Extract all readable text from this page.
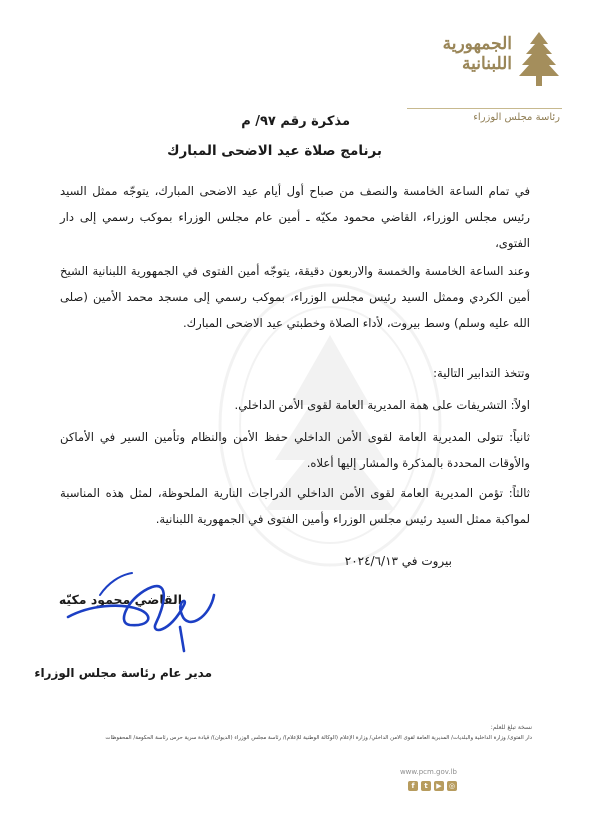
الجمهورية
اللبنانية
رئاسة مجلس الوزراء
مذكرة رقم ٩٧/ م
برنامج صلاة عيد الاضحى المبارك

في تمام الساعة الخامسة والنصف من صباح أول أيام عيد الاضحى المبارك، يتوجّه ممثل السيد رئيس مجلس الوزراء، القاضي محمود مكيّه ـ أمين عام مجلس الوزراء بموكب رسمي إلى دار الفتوى،

وعند الساعة الخامسة والخمسة والاربعون دقيقة، يتوجّه أمين الفتوى في الجمهورية اللبنانية الشيخ أمين الكردي وممثل السيد رئيس مجلس الوزراء، بموكب رسمي إلى مسجد محمد الأمين (صلى الله عليه وسلم) وسط بيروت، لأداء الصلاة وخطبتي عيد الاضحى المبارك.

وتتخذ التدابير التالية:

اولاً: التشريفات على همة المديرية العامة لقوى الأمن الداخلي.

ثانياً: تتولى المديرية العامة لقوى الأمن الداخلي حفظ الأمن والنظام وتأمين السير في الأماكن والأوقات المحددة بالمذكرة والمشار إليها أعلاه.

ثالثاً: تؤمن المديرية العامة لقوى الأمن الداخلي الدراجات النارية الملحوظة، لمثل هذه المناسبة لمواكبة ممثل السيد رئيس مجلس الوزراء وأمين الفتوى في الجمهورية اللبنانية.

بيروت في ٢٠٢٤/٦/١٣
القاضي محمود مكيّه
مدير عام رئاسة مجلس الوزراء
نسخة تبلغ للعلم:
دار الفتوى/ وزارة الداخلية والبلديات/ المديرية العامة لقوى الأمن الداخلي/ وزارة الإعلام (الوكالة الوطنية للإعلام)/ رئاسة مجلس الوزراء (الديوان)/ قيادة سرية حرس رئاسة الحكومة/ المحفوظات
www.pcm.gov.lb
f	t	▶	◎
